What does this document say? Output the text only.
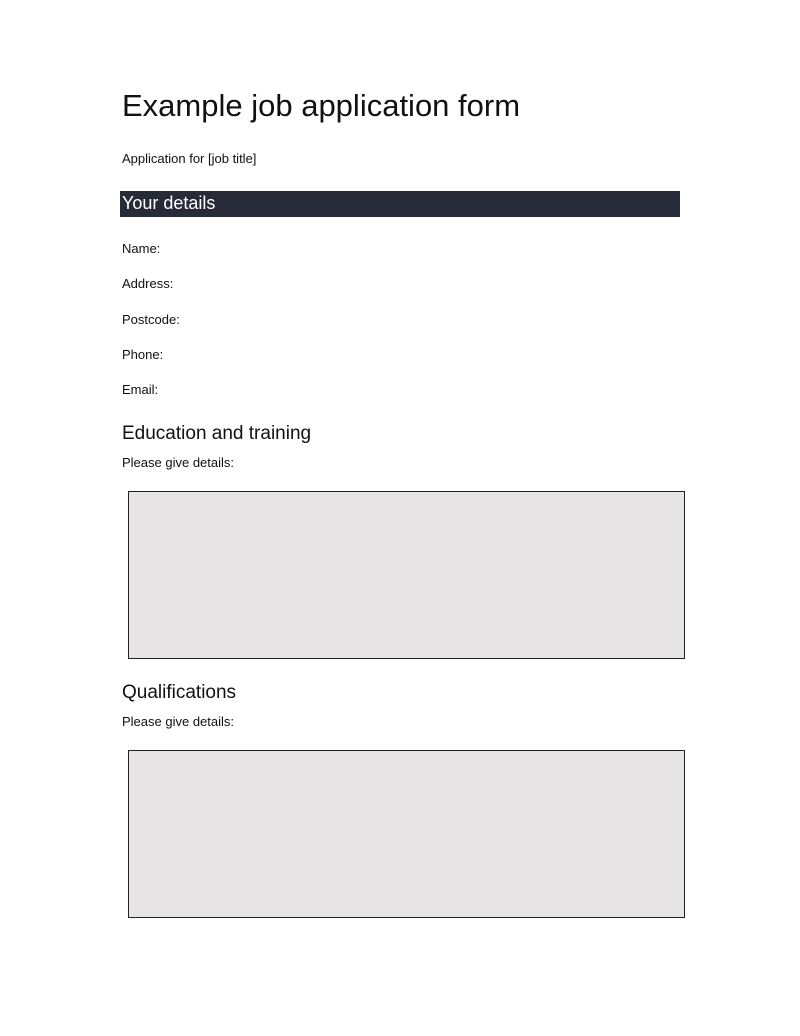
Example job application form
Application for [job title]
Your details
Name:
Address:
Postcode:
Phone:
Email:
Education and training
Please give details:
Qualifications
Please give details:
